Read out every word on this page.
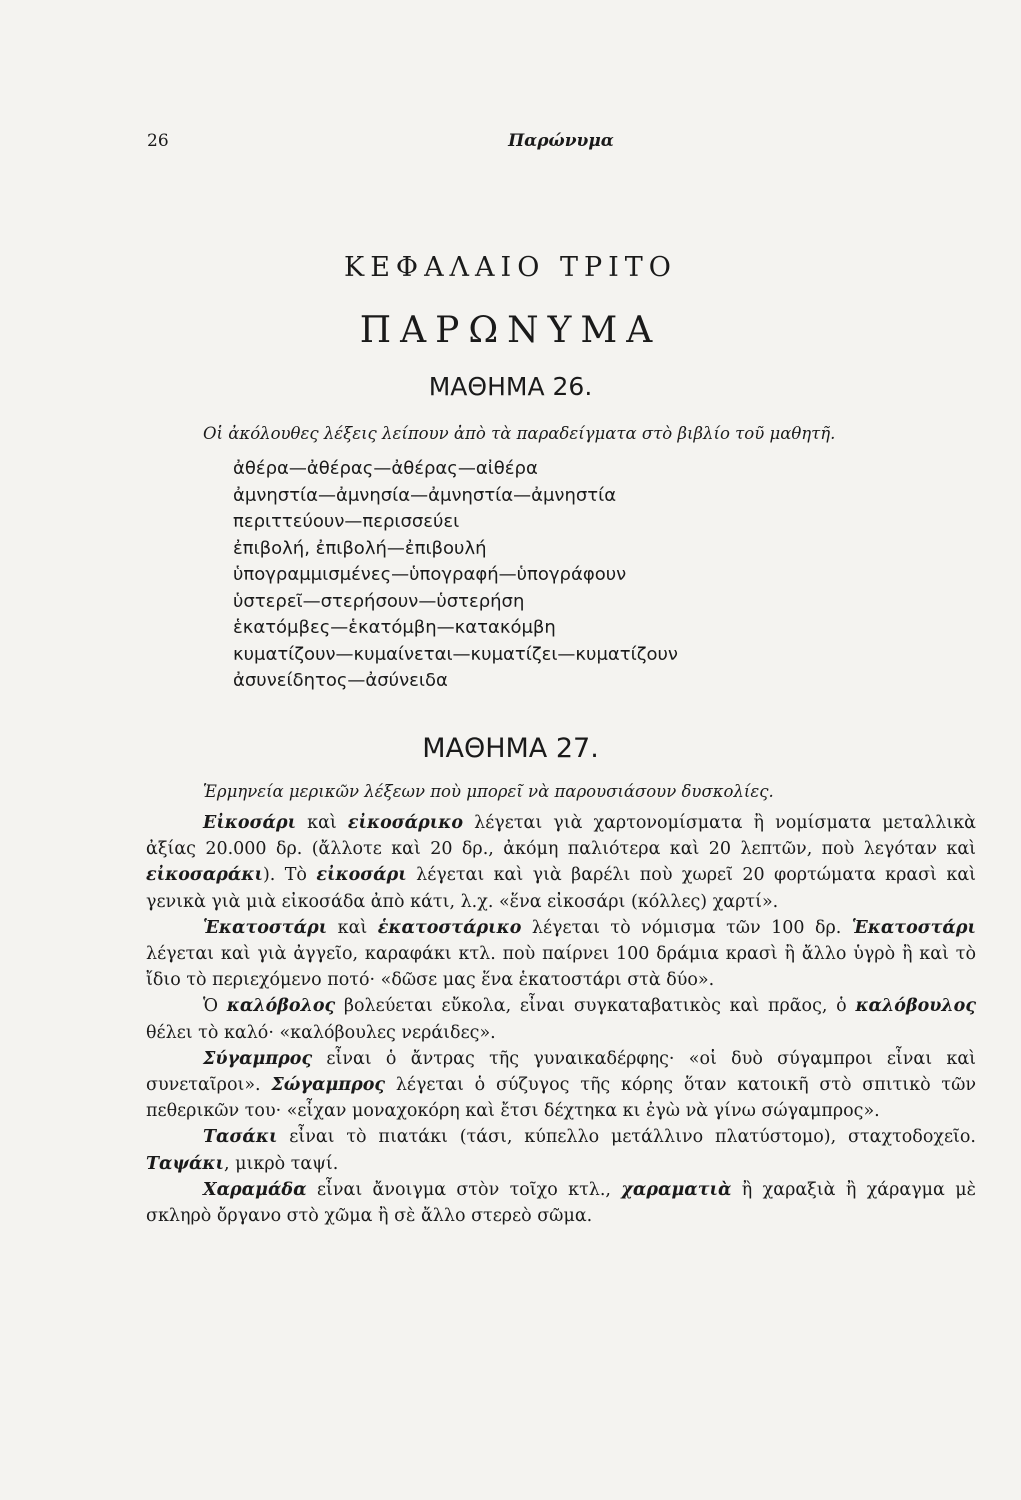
26	Παρώνυμα
ΚΕΦΑΛΑΙΟ ΤΡΙΤΟ
ΠΑΡΩΝΥΜΑ
ΜΑΘΗΜΑ 26.
Οἱ ἀκόλουθες λέξεις λείπουν ἀπὸ τὰ παραδείγματα στὸ βιβλίο τοῦ μαθητῆ.
ἀθέρα—ἀθέρας—ἀθέρας—αἰθέρα
ἀμνηστία—ἀμνησία—ἀμνηστία—ἀμνηστία
περιττεύουν—περισσεύει
ἐπιβολή, ἐπιβολή—ἐπιβουλή
ὑπογραμμισμένες—ὑπογραφή—ὑπογράφουν
ὑστερεῖ—στερήσουν—ὑστερήση
ἑκατόμβες—ἑκατόμβη—κατακόμβη
κυματίζουν—κυμαίνεται—κυματίζει—κυματίζουν
ἀσυνείδητος—ἀσύνειδα
ΜΑΘΗΜΑ 27.
Ἑρμηνεία μερικῶν λέξεων ποὺ μπορεῖ νὰ παρουσιάσουν δυσκολίες.

Εἰκοσάρι καὶ εἰκοσάρικο λέγεται γιὰ χαρτονομίσματα ἢ νομίσματα μεταλλικὰ ἀξίας 20.000 δρ. (ἄλλοτε καὶ 20 δρ., ἀκόμη παλιότερα καὶ 20 λεπτῶν, ποὺ λεγόταν καὶ εἰκοσαράκι). Τὸ εἰκοσάρι λέγεται καὶ γιὰ βαρέλι ποὺ χωρεῖ 20 φορτώματα κρασὶ καὶ γενικὰ γιὰ μιὰ εἰκοσάδα ἀπὸ κάτι, λ.χ. «ἕνα εἰκοσάρι (κόλλες) χαρτί».

Ἑκατοστάρι καὶ ἑκατοστάρικο λέγεται τὸ νόμισμα τῶν 100 δρ. Ἑκατοστάρι λέγεται καὶ γιὰ ἀγγεῖο, καραφάκι κτλ. ποὺ παίρνει 100 δράμια κρασὶ ἢ ἄλλο ὑγρὸ ἢ καὶ τὸ ἴδιο τὸ περιεχόμενο ποτό· «δῶσε μας ἕνα ἑκατοστάρι στὰ δύο».

Ὁ καλόβολος βολεύεται εὔκολα, εἶναι συγκαταβατικὸς καὶ πρᾶος, ὁ καλόβουλος θέλει τὸ καλό· «καλόβουλες νεράιδες».

Σύγαμπρος εἶναι ὁ ἄντρας τῆς γυναικαδέρφης· «οἱ δυὸ σύγαμπροι εἶναι καὶ συνεταῖροι». Σώγαμπρος λέγεται ὁ σύζυγος τῆς κόρης ὅταν κατοικῆ στὸ σπιτικὸ τῶν πεθερικῶν του· «εἶχαν μοναχοκόρη καὶ ἔτσι δέχτηκα κι ἐγὼ νὰ γίνω σώγαμπρος».

Τασάκι εἶναι τὸ πιατάκι (τάσι, κύπελλο μετάλλινο πλατύστομο), σταχτοδοχεῖο. Ταψάκι, μικρὸ ταψί.

Χαραμάδα εἶναι ἄνοιγμα στὸν τοῖχο κτλ., χαραματιὰ ἢ χαραξιὰ ἢ χάραγμα μὲ σκληρὸ ὄργανο στὸ χῶμα ἢ σὲ ἄλλο στερεὸ σῶμα.
